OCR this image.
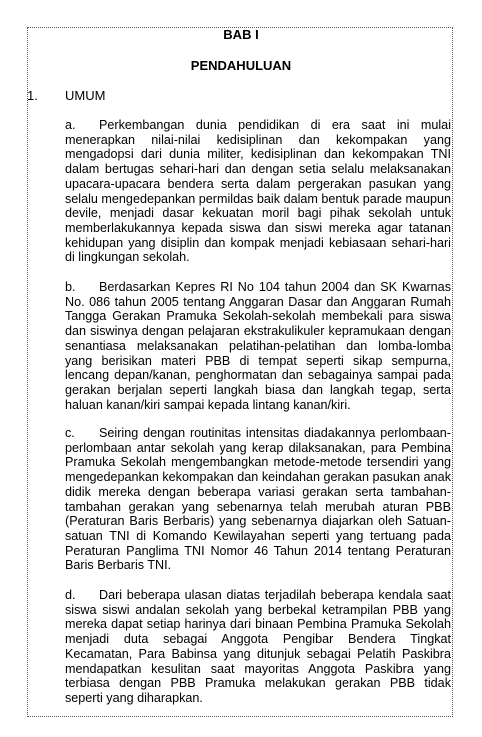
BAB I
PENDAHULUAN
1. UMUM

a. Perkembangan dunia pendidikan di era saat ini mulai menerapkan nilai-nilai kedisiplinan dan kekompakan yang mengadopsi dari dunia militer, kedisiplinan dan kekompakan TNI dalam bertugas sehari-hari dan dengan setia selalu melaksanakan upacara-upacara bendera serta dalam pergerakan pasukan yang selalu mengedepankan permildas baik dalam bentuk parade maupun devile, menjadi dasar kekuatan moril bagi pihak sekolah untuk memberlakukannya kepada siswa dan siswi mereka agar tatanan kehidupan yang disiplin dan kompak menjadi kebiasaan sehari-hari di lingkungan sekolah.

b. Berdasarkan Kepres RI No 104 tahun 2004 dan SK Kwarnas No. 086 tahun 2005 tentang Anggaran Dasar dan Anggaran Rumah Tangga Gerakan Pramuka Sekolah-sekolah membekali para siswa dan siswinya dengan pelajaran ekstrakulikuler kepramukaan dengan senantiasa melaksanakan pelatihan-pelatihan dan lomba-lomba yang berisikan materi PBB di tempat seperti sikap sempurna, lencang depan/kanan, penghormatan dan sebagainya sampai pada gerakan berjalan seperti langkah biasa dan langkah tegap, serta haluan kanan/kiri sampai kepada lintang kanan/kiri.

c. Seiring dengan routinitas intensitas diadakannya perlombaan-perlombaan antar sekolah yang kerap dilaksanakan, para Pembina Pramuka Sekolah mengembangkan metode-metode tersendiri yang mengedepankan kekompakan dan keindahan gerakan pasukan anak didik mereka dengan beberapa variasi gerakan serta tambahan-tambahan gerakan yang sebenarnya telah merubah aturan PBB (Peraturan Baris Berbaris) yang sebenarnya diajarkan oleh Satuan-satuan TNI di Komando Kewilayahan seperti yang tertuang pada Peraturan Panglima TNI Nomor 46 Tahun 2014 tentang Peraturan Baris Berbaris TNI.

d. Dari beberapa ulasan diatas terjadilah beberapa kendala saat siswa siswi andalan sekolah yang berbekal ketrampilan PBB yang mereka dapat setiap harinya dari binaan Pembina Pramuka Sekolah menjadi duta sebagai Anggota Pengibar Bendera Tingkat Kecamatan, Para Babinsa yang ditunjuk sebagai Pelatih Paskibra mendapatkan kesulitan saat mayoritas Anggota Paskibra yang terbiasa dengan PBB Pramuka melakukan gerakan PBB tidak seperti yang diharapkan.
